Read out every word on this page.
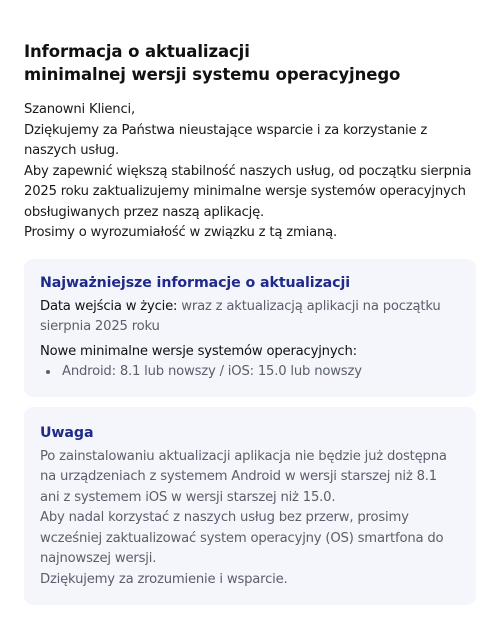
Informacja o aktualizacji
minimalnej wersji systemu operacyjnego

Szanowni Klienci,

Dziękujemy za Państwa nieustające wsparcie i za korzystanie z naszych usług.

Aby zapewnić większą stabilność naszych usług, od początku sierpnia 2025 roku zaktualizujemy minimalne wersje systemów operacyjnych obsługiwanych przez naszą aplikację.

Prosimy o wyrozumiałość w związku z tą zmianą.

Najważniejsze informacje o aktualizacji
Data wejścia w życie: wraz z aktualizacją aplikacji na początku sierpnia 2025 roku
Nowe minimalne wersje systemów operacyjnych:
• Android: 8.1 lub nowszy / iOS: 15.0 lub nowszy
Uwaga

Po zainstalowaniu aktualizacji aplikacja nie będzie już dostępna na urządzeniach z systemem Android w wersji starszej niż 8.1 ani z systemem iOS w wersji starszej niż 15.0.

Aby nadal korzystać z naszych usług bez przerw, prosimy wcześniej zaktualizować system operacyjny (OS) smartfona do najnowszej wersji.

Dziękujemy za zrozumienie i wsparcie.
